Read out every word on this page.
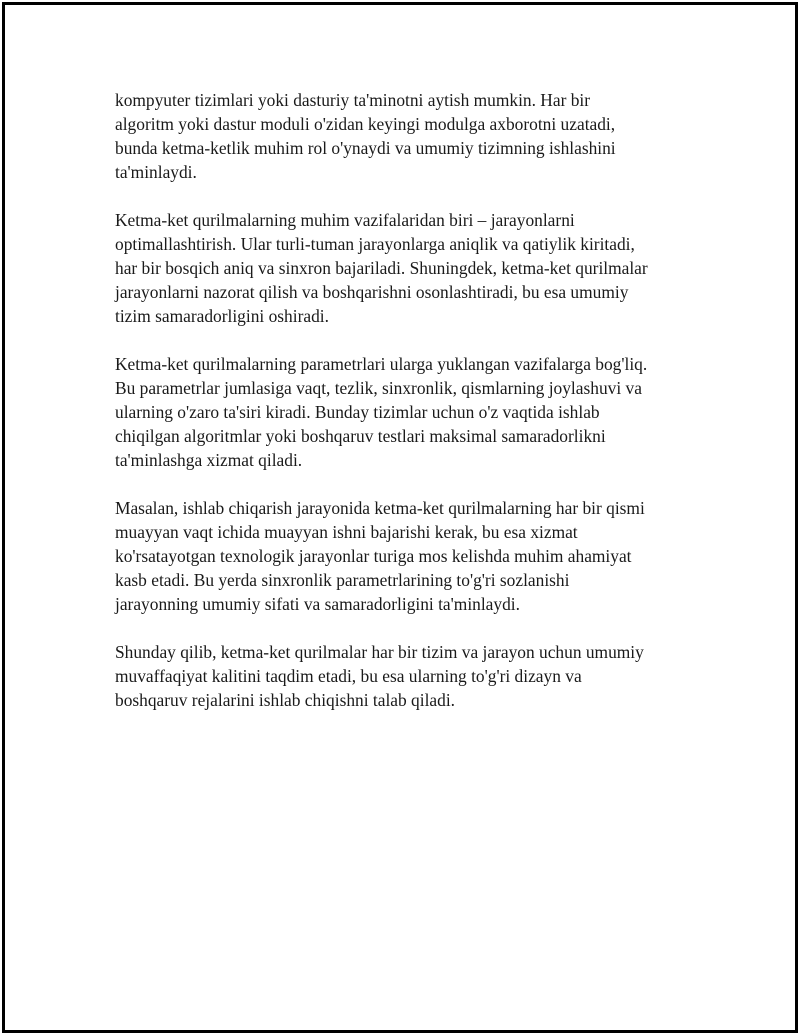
kompyuter tizimlari yoki dasturiy ta'minotni aytish mumkin. Har bir
algoritm yoki dastur moduli o'zidan keyingi modulga axborotni uzatadi,
bunda ketma-ketlik muhim rol o'ynaydi va umumiy tizimning ishlashini
ta'minlaydi.

Ketma-ket qurilmalarning muhim vazifalaridan biri – jarayonlarni
optimallashtirish. Ular turli-tuman jarayonlarga aniqlik va qatiylik kiritadi,
har bir bosqich aniq va sinxron bajariladi. Shuningdek, ketma-ket qurilmalar
jarayonlarni nazorat qilish va boshqarishni osonlashtiradi, bu esa umumiy
tizim samaradorligini oshiradi.

Ketma-ket qurilmalarning parametrlari ularga yuklangan vazifalarga bog'liq.
Bu parametrlar jumlasiga vaqt, tezlik, sinxronlik, qismlarning joylashuvi va
ularning o'zaro ta'siri kiradi. Bunday tizimlar uchun o'z vaqtida ishlab
chiqilgan algoritmlar yoki boshqaruv testlari maksimal samaradorlikni
ta'minlashga xizmat qiladi.

Masalan, ishlab chiqarish jarayonida ketma-ket qurilmalarning har bir qismi
muayyan vaqt ichida muayyan ishni bajarishi kerak, bu esa xizmat
ko'rsatayotgan texnologik jarayonlar turiga mos kelishda muhim ahamiyat
kasb etadi. Bu yerda sinxronlik parametrlarining to'g'ri sozlanishi
jarayonning umumiy sifati va samaradorligini ta'minlaydi.

Shunday qilib, ketma-ket qurilmalar har bir tizim va jarayon uchun umumiy
muvaffaqiyat kalitini taqdim etadi, bu esa ularning to'g'ri dizayn va
boshqaruv rejalarini ishlab chiqishni talab qiladi.
